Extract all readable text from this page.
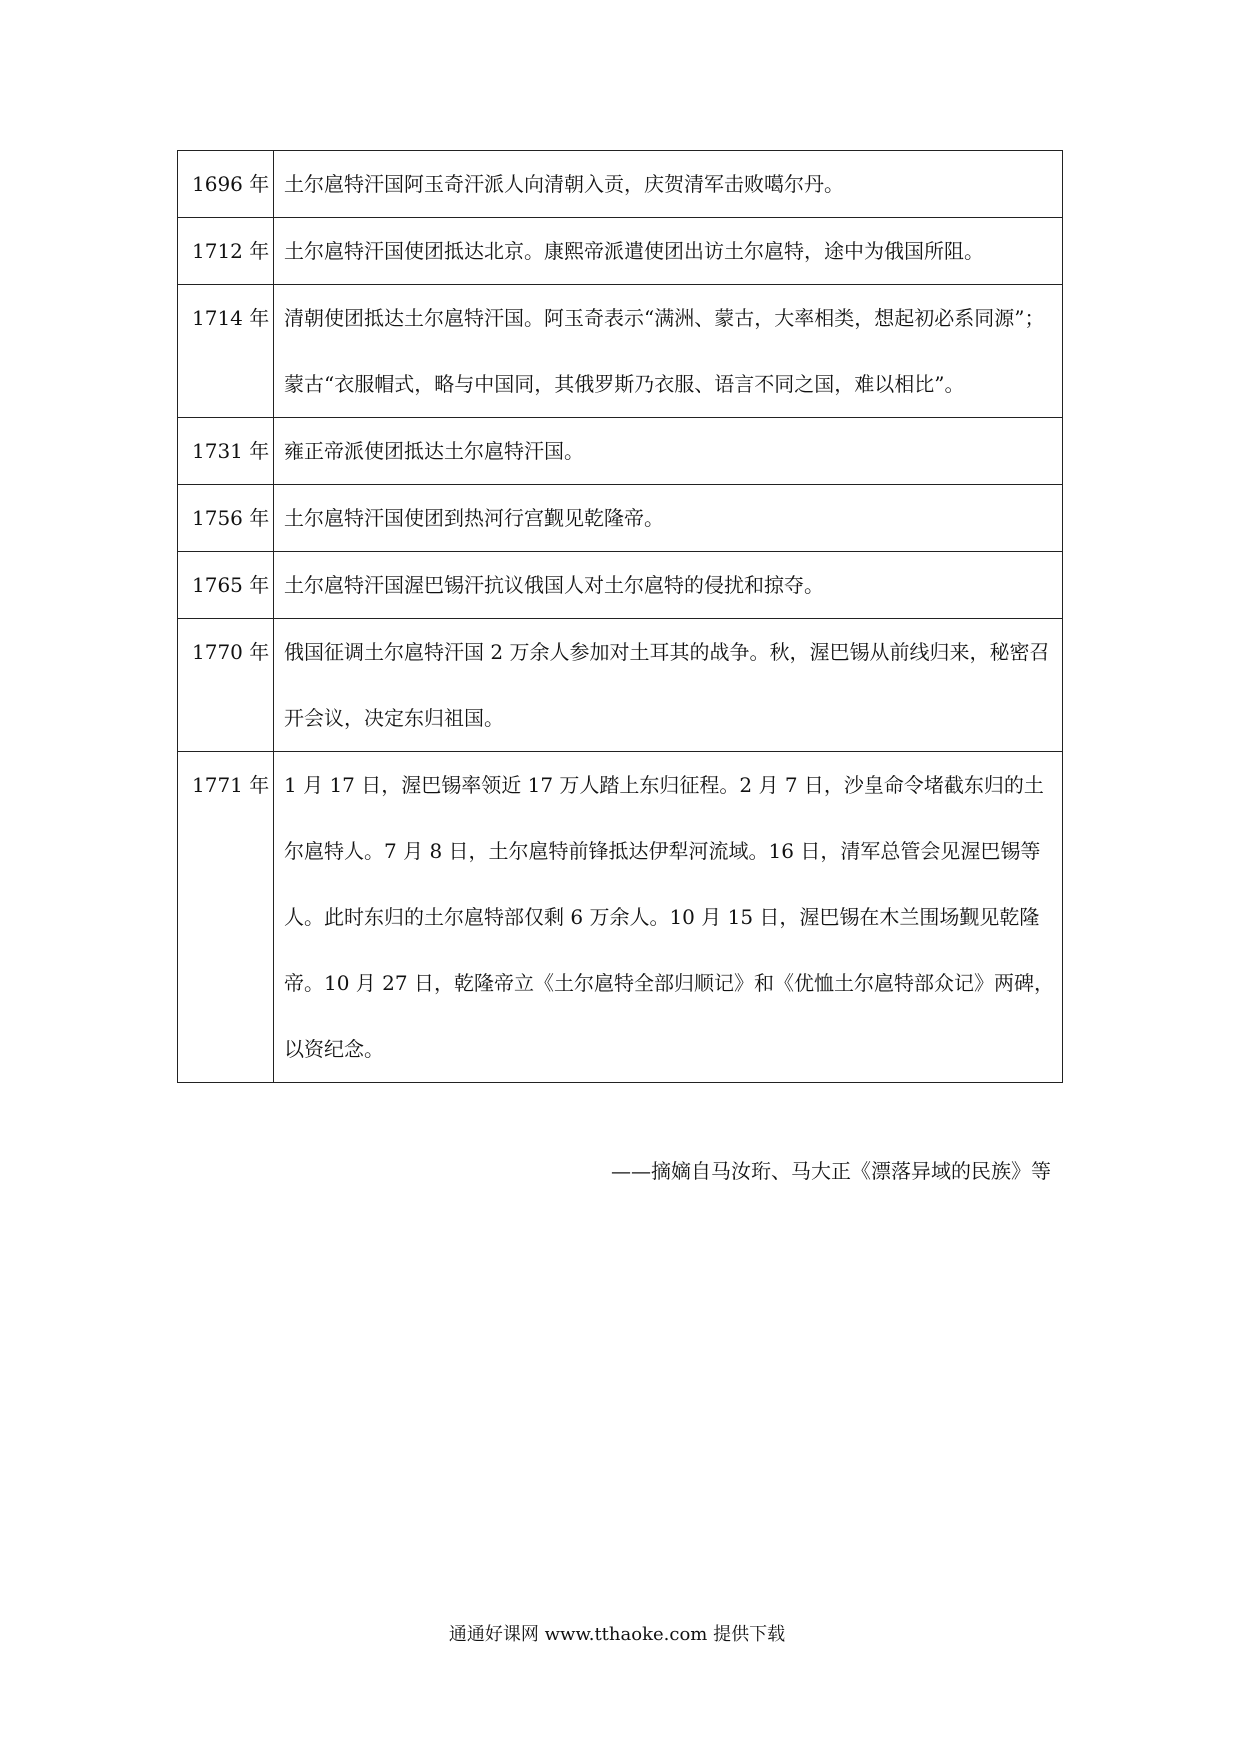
1696 年	土尔扈特汗国阿玉奇汗派人向清朝入贡，庆贺清军击败噶尔丹。
1712 年	土尔扈特汗国使团抵达北京。康熙帝派遣使团出访土尔扈特，途中为俄国所阻。
1714 年	清朝使团抵达土尔扈特汗国。阿玉奇表示“满洲、蒙古，大率相类，想起初必系同源”；蒙古“衣服帽式，略与中国同，其俄罗斯乃衣服、语言不同之国，难以相比”。
1731 年	雍正帝派使团抵达土尔扈特汗国。
1756 年	土尔扈特汗国使团到热河行宫觐见乾隆帝。
1765 年	土尔扈特汗国渥巴锡汗抗议俄国人对土尔扈特的侵扰和掠夺。
1770 年	俄国征调土尔扈特汗国 2 万余人参加对土耳其的战争。秋，渥巴锡从前线归来，秘密召开会议，决定东归祖国。
1771 年	1 月 17 日，渥巴锡率领近 17 万人踏上东归征程。2 月 7 日，沙皇命令堵截东归的土尔扈特人。7 月 8 日，土尔扈特前锋抵达伊犁河流域。16 日，清军总管会见渥巴锡等人。此时东归的土尔扈特部仅剩 6 万余人。10 月 15 日，渥巴锡在木兰围场觐见乾隆帝。10 月 27 日，乾隆帝立《土尔扈特全部归顺记》和《优恤土尔扈特部众记》两碑，以资纪念。
——摘嫡自马汝珩、马大正《漂落异域的民族》等
通通好课网 www.tthaoke.com 提供下载
